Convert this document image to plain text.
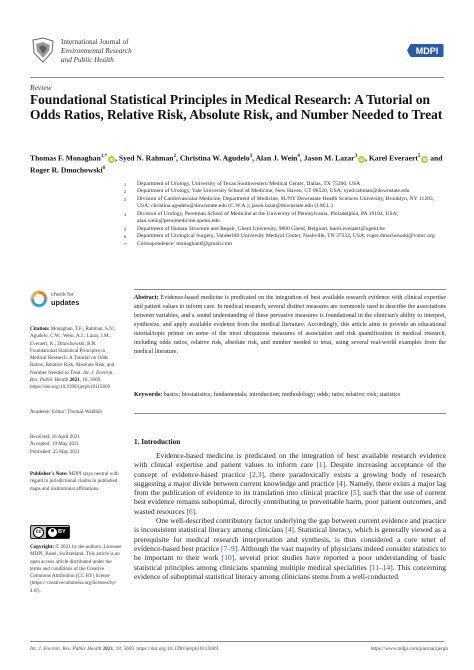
International Journal of
Environmental Research
and Public Health
MDPI
Review
Foundational Statistical Principles in Medical Research: A Tutorial on Odds Ratios, Relative Risk, Absolute Risk, and Number Needed to Treat
Thomas F. Monaghan$^{1,*}$iD, Syed N. Rahman$^2$, Christina W. Agudelo$^3$, Alan J. Wein$^4$, Jason M. Lazar$^3$iD, Karel Everaert$^5$iD and Roger R. Dmochowski$^6$
1 Department of Urology, University of Texas Southwestern Medical Center, Dallas, TX 75390, USA
2 Department of Urology, Yale University School of Medicine, New Haven, CT 06520, USA; syed.rahman@downstate.edu
3 Division of Cardiovascular Medicine, Department of Medicine, SUNY Downstate Health Sciences University, Brooklyn, NY 11203, USA; christina.agudelo@downstate.edu (C.W.A.); jason.lazar@downstate.edu (J.M.L.)
4 Division of Urology, Perelman School of Medicine at the University of Pennsylvania, Philadelphia, PA 19104, USA; alan.wein@pennmedicine.upenn.edu
5 Department of Human Structure and Repair, Ghent University, 9000 Ghent, Belgium; karel.everaert@ugent.be
6 Department of Urological Surgery, Vanderbilt University Medical Center, Nashville, TN 37232, USA; roger.dmochowski@vumc.org
* Correspondence: monaghantf@gmail.com
check for
updates
Citation: Monaghan, T.F.; Rahman, S.N.; Agudelo, C.W.; Wein, A.J.; Lazar, J.M.; Everaert, K.; Dmochowski, R.R. Foundational Statistical Principles in Medical Research: A Tutorial on Odds Ratios, Relative Risk, Absolute Risk, and Number Needed to Treat. Int. J. Environ. Res. Public Health 2021, 18, 5669. https://doi.org/10.3390/ijerph18115669
Academic Editor: Thomas Waldhör
Received: 16 April 2021
Accepted: 19 May 2021
Published: 25 May 2021
Publisher's Note: MDPI stays neutral with regard to jurisdictional claims in published maps and institutional affiliations.
cc	BY
Copyright: © 2021 by the authors. Licensee MDPI, Basel, Switzerland. This article is an open access article distributed under the terms and conditions of the Creative Commons Attribution (CC BY) license (https:// creativecommons.org/licenses/by/ 4.0/).
Abstract: Evidence-based medicine is predicated on the integration of best available research evidence with clinical expertise and patient values to inform care. In medical research, several distinct measures are commonly used to describe the associations between variables, and a sound understanding of these pervasive measures is foundational in the clinician's ability to interpret, synthesize, and apply available evidence from the medical literature. Accordingly, this article aims to provide an educational tutorial/topic primer on some of the most ubiquitous measures of association and risk quantification in medical research, including odds ratios, relative risk, absolute risk, and number needed to treat, using several real-world examples from the medical literature.
Keywords: basics; biostatistics; fundamentals; introduction; methodology; odds; ratio; relative; risk; statistics
1. Introduction

Evidence-based medicine is predicated on the integration of best available research evidence with clinical expertise and patient values to inform care [1]. Despite increasing acceptance of the concept of evidence-based practice [2,3], there paradoxically exists a growing body of research suggesting a major divide between current knowledge and practice [4]. Namely, there exists a major lag from the publication of evidence to its translation into clinical practice [5], such that the use of current best evidence remains suboptimal, directly contributing to preventable harm, poor patient outcomes, and wasted resources [6].

One well-described contributory factor underlying the gap between current evidence and practice is inconsistent statistical literacy among clinicians [4]. Statistical literacy, which is generally viewed as a prerequisite for medical research interpretation and synthesis, is thus considered a core tenet of evidence-based best practice [7–9]. Although the vast majority of physicians indeed consider statistics to be important to their work [10], several prior studies have reported a poor understanding of basic statistical principles among clinicians spanning multiple medical specialities [11–14]. This concerning evidence of suboptimal statistical literacy among clinicians stems from a well-conducted

Int. J. Environ. Res. Public Health 2021, 18, 5669. https://doi.org/10.3390/ijerph18115669	https://www.mdpi.com/journal/ijerph
